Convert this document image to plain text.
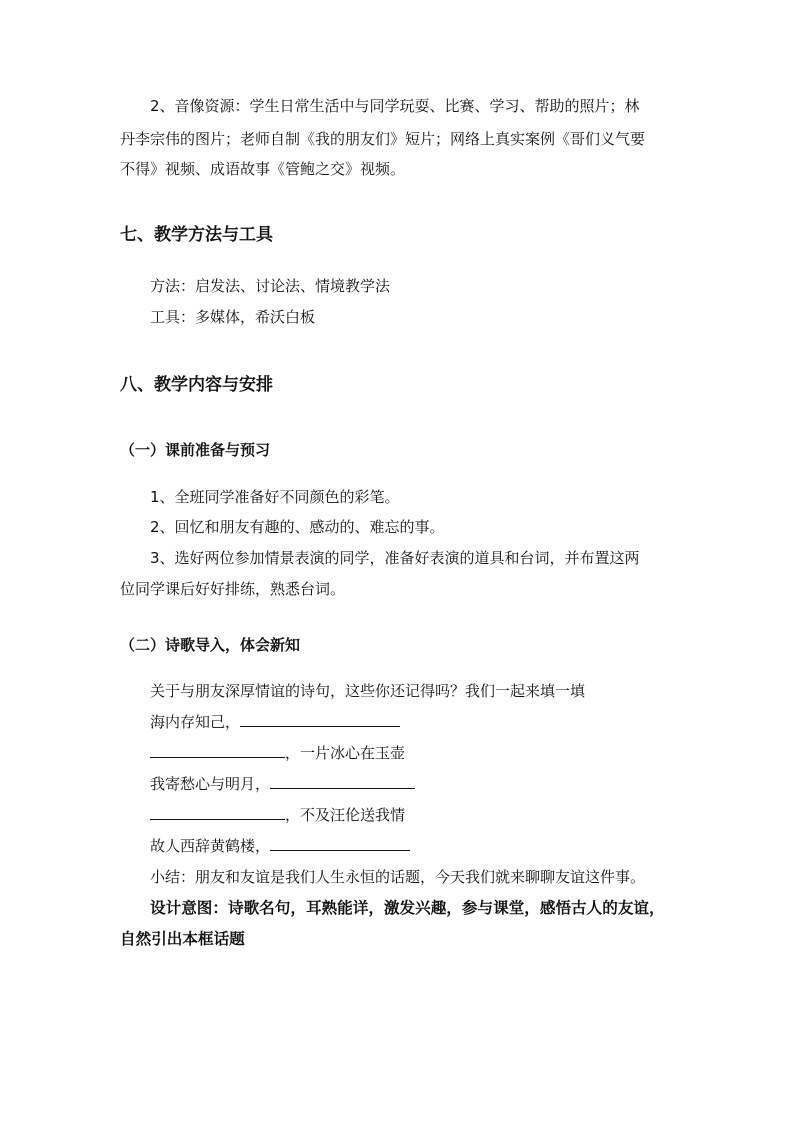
2、音像资源：学生日常生活中与同学玩耍、比赛、学习、帮助的照片；林
丹李宗伟的图片；老师自制《我的朋友们》短片；网络上真实案例《哥们义气要
不得》视频、成语故事《管鲍之交》视频。
七、教学方法与工具
方法：启发法、讨论法、情境教学法
工具：多媒体，希沃白板
八、教学内容与安排
（一）课前准备与预习
1、全班同学准备好不同颜色的彩笔。
2、回忆和朋友有趣的、感动的、难忘的事。
3、选好两位参加情景表演的同学，准备好表演的道具和台词，并布置这两
位同学课后好好排练，熟悉台词。
（二）诗歌导入，体会新知
关于与朋友深厚情谊的诗句，这些你还记得吗？我们一起来填一填
海内存知己，
，一片冰心在玉壶
我寄愁心与明月，
，不及汪伦送我情
故人西辞黄鹤楼，
小结：朋友和友谊是我们人生永恒的话题，今天我们就来聊聊友谊这件事。
设计意图：诗歌名句，耳熟能详，激发兴趣，参与课堂，感悟古人的友谊，
自然引出本框话题
